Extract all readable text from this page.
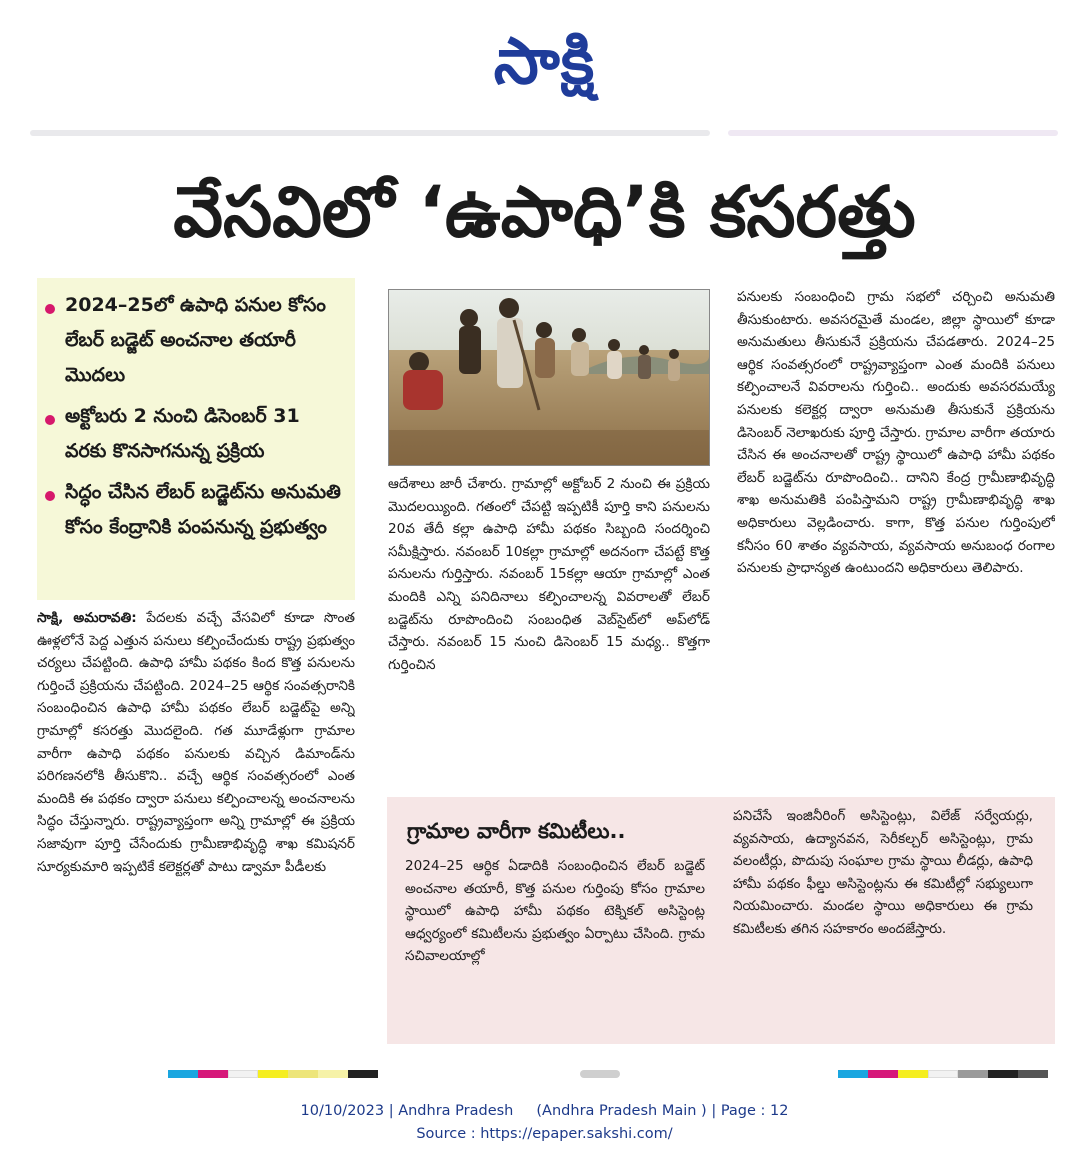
సాక్షి
వేసవిలో ‘ఉపాధి’కి కసరత్తు
2024–25లో ఉపాధి పనుల కోసం లేబర్‌ బడ్జెట్‌ అంచనాల తయారీ మొదలు
అక్టోబరు 2 నుంచి డిసెంబర్‌ 31 వరకు కొనసాగనున్న ప్రక్రియ
సిద్ధం చేసిన లేబర్‌ బడ్జెట్‌ను అనుమతి కోసం కేంద్రానికి పంపనున్న ప్రభుత్వం
సాక్షి, అమరావతి: పేదలకు వచ్చే వేసవిలో కూడా సొంత ఊళ్లలోనే పెద్ద ఎత్తున పనులు కల్పించేందుకు రాష్ట్ర ప్రభుత్వం చర్యలు చేపట్టింది. ఉపాధి హామీ పథకం కింద కొత్త పనులను గుర్తించే ప్రక్రియను చేపట్టింది. 2024–25 ఆర్థిక సంవత్సరానికి సంబంధించిన ఉపాధి హామీ పథకం లేబర్‌ బడ్జెట్‌పై అన్ని గ్రామాల్లో కసరత్తు మొదలైంది. గత మూడేళ్లుగా గ్రామాల వారీగా ఉపాధి పథకం పనులకు వచ్చిన డిమాండ్‌ను పరిగణనలోకి తీసుకొని.. వచ్చే ఆర్థిక సంవత్సరంలో ఎంత మందికి ఈ పథకం ద్వారా పనులు కల్పించాలన్న అంచనాలను సిద్ధం చేస్తున్నారు. రాష్ట్రవ్యాప్తంగా అన్ని గ్రామాల్లో ఈ ప్రక్రియ సజావుగా పూర్తి చేసేందుకు గ్రామీణాభివృద్ధి శాఖ కమిషనర్‌ సూర్యకుమారి ఇప్పటికే కలెక్టర్లతో పాటు డ్వామా పీడీలకు
ఆదేశాలు జారీ చేశారు. గ్రామాల్లో అక్టోబర్‌ 2 నుంచి ఈ ప్రక్రియ మొదలయ్యింది. గతంలో చేపట్టి ఇప్పటికీ పూర్తి కాని పనులను 20వ తేదీ కల్లా ఉపాధి హామీ పథకం సిబ్బంది సందర్శించి సమీక్షిస్తారు. నవంబర్‌ 10కల్లా గ్రామాల్లో అదనంగా చేపట్టే కొత్త పనులను గుర్తిస్తారు. నవంబర్‌ 15కల్లా ఆయా గ్రామాల్లో ఎంత మందికి ఎన్ని పనిదినాలు కల్పించాలన్న వివరాలతో లేబర్‌ బడ్జెట్‌ను రూపొందించి సంబంధిత వెబ్‌సైట్‌లో అప్‌లోడ్‌ చేస్తారు. నవంబర్‌ 15 నుంచి డిసెంబర్‌ 15 మధ్య.. కొత్తగా గుర్తించిన
పనులకు సంబంధించి గ్రామ సభలో చర్చించి అనుమతి తీసుకుంటారు. అవసరమైతే మండల, జిల్లా స్థాయిలో కూడా అనుమతులు తీసుకునే ప్రక్రియను చేపడతారు. 2024–25 ఆర్థిక సంవత్సరంలో రాష్ట్రవ్యాప్తంగా ఎంత మందికి పనులు కల్పించాలనే వివరాలను గుర్తించి.. అందుకు అవసరమయ్యే పనులకు కలెక్టర్ల ద్వారా అనుమతి తీసుకునే ప్రక్రియను డిసెంబర్‌ నెలాఖరుకు పూర్తి చేస్తారు. గ్రామాల వారీగా తయారు చేసిన ఈ అంచనాలతో రాష్ట్ర స్థాయిలో ఉపాధి హామీ పథకం లేబర్‌ బడ్జెట్‌ను రూపొందించి.. దానిని కేంద్ర గ్రామీణాభివృద్ధి శాఖ అనుమతికి పంపిస్తామని రాష్ట్ర గ్రామీణాభివృద్ధి శాఖ అధికారులు వెల్లడించారు. కాగా, కొత్త పనుల గుర్తింపులో కనీసం 60 శాతం వ్యవసాయ, వ్యవసాయ అనుబంధ రంగాల పనులకు ప్రాధాన్యత ఉంటుందని అధికారులు తెలిపారు.
గ్రామాల వారీగా కమిటీలు..
2024–25 ఆర్థిక ఏడాదికి సంబంధించిన లేబర్‌ బడ్జెట్‌ అంచనాల తయారీ, కొత్త పనుల గుర్తింపు కోసం గ్రామాల స్థాయిలో ఉపాధి హామీ పథకం టెక్నికల్‌ అసిస్టెంట్ల ఆధ్వర్యంలో కమిటీలను ప్రభుత్వం ఏర్పాటు చేసింది. గ్రామ సచివాలయాల్లో
పనిచేసే ఇంజినీరింగ్‌ అసిస్టెంట్లు, విలేజ్‌ సర్వేయర్లు, వ్యవసాయ, ఉద్యానవన, సెరీకల్చర్‌ అసిస్టెంట్లు, గ్రామ వలంటీర్లు, పొదుపు సంఘాల గ్రామ స్థాయి లీడర్లు, ఉపాధి హామీ పథకం ఫీల్డు అసిస్టెంట్లను ఈ కమిటీల్లో సభ్యులుగా నియమించారు. మండల స్థాయి అధికారులు ఈ గ్రామ కమిటీలకు తగిన సహకారం అందజేస్తారు.
10/10/2023 | Andhra Pradesh     (Andhra Pradesh Main ) | Page : 12
Source : https://epaper.sakshi.com/
